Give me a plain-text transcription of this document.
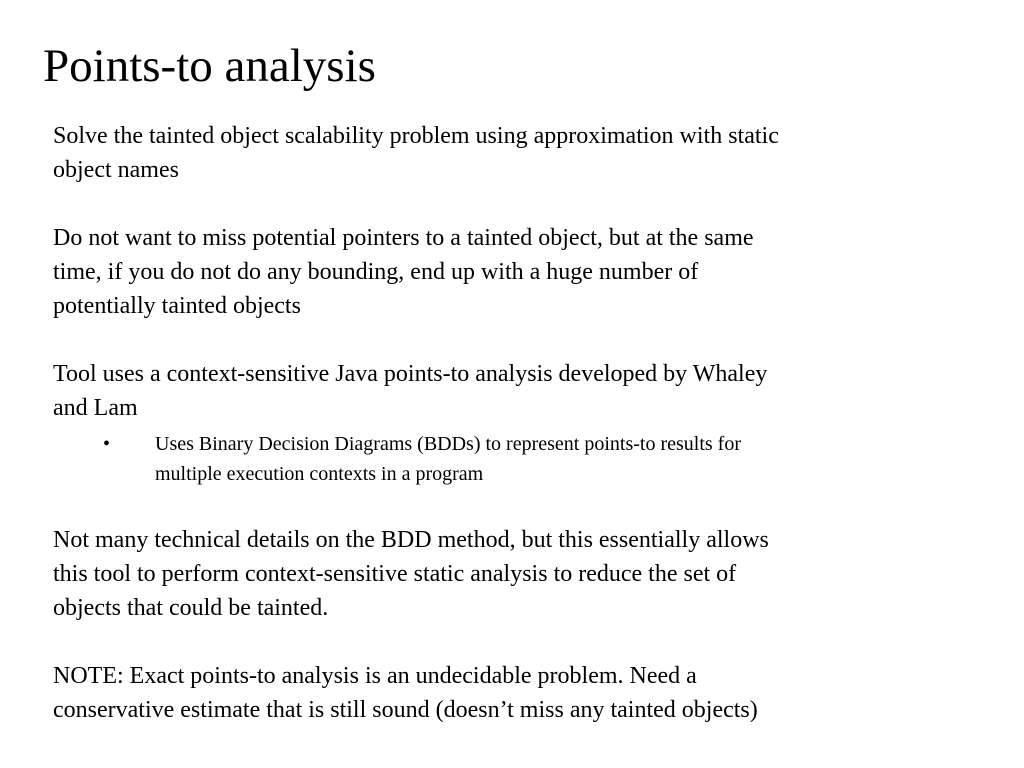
Points-to analysis

Solve the tainted object scalability problem using approximation with static
object names

Do not want to miss potential pointers to a tainted object, but at the same
time, if you do not do any bounding, end up with a huge number of
potentially tainted objects

Tool uses a context-sensitive Java points-to analysis developed by Whaley
and Lam
• Uses Binary Decision Diagrams (BDDs) to represent points-to results for
multiple execution contexts in a program

Not many technical details on the BDD method, but this essentially allows
this tool to perform context-sensitive static analysis to reduce the set of
objects that could be tainted.

NOTE: Exact points-to analysis is an undecidable problem. Need a
conservative estimate that is still sound (doesn’t miss any tainted objects)
